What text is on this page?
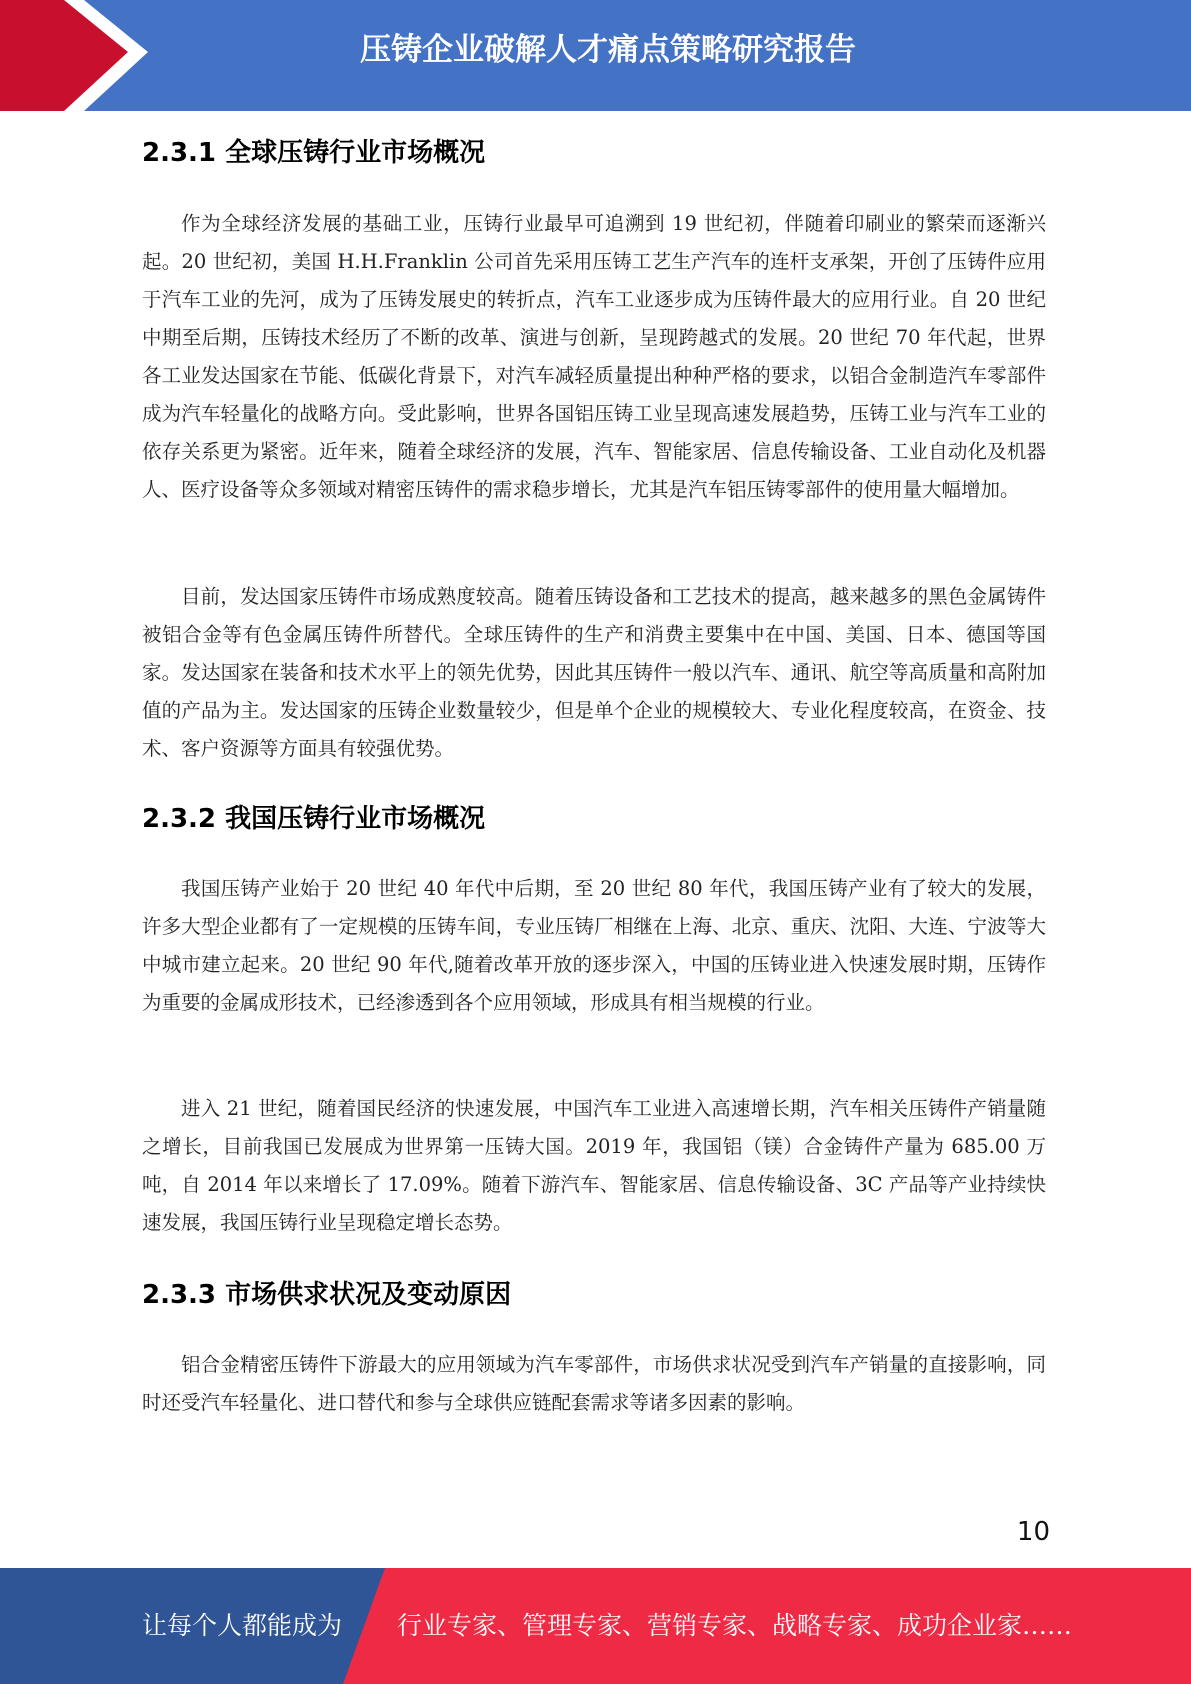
压铸企业破解人才痛点策略研究报告
2.3.1 全球压铸行业市场概况

作为全球经济发展的基础工业，压铸行业最早可追溯到 19 世纪初，伴随着印刷业的繁荣而逐渐兴起。20 世纪初，美国 H.H.Franklin 公司首先采用压铸工艺生产汽车的连杆支承架，开创了压铸件应用于汽车工业的先河，成为了压铸发展史的转折点，汽车工业逐步成为压铸件最大的应用行业。自 20 世纪中期至后期，压铸技术经历了不断的改革、演进与创新，呈现跨越式的发展。20 世纪 70 年代起，世界各工业发达国家在节能、低碳化背景下，对汽车减轻质量提出种种严格的要求，以铝合金制造汽车零部件成为汽车轻量化的战略方向。受此影响，世界各国铝压铸工业呈现高速发展趋势，压铸工业与汽车工业的依存关系更为紧密。近年来，随着全球经济的发展，汽车、智能家居、信息传输设备、工业自动化及机器人、医疗设备等众多领域对精密压铸件的需求稳步增长，尤其是汽车铝压铸零部件的使用量大幅增加。

目前，发达国家压铸件市场成熟度较高。随着压铸设备和工艺技术的提高，越来越多的黑色金属铸件被铝合金等有色金属压铸件所替代。全球压铸件的生产和消费主要集中在中国、美国、日本、德国等国家。发达国家在装备和技术水平上的领先优势，因此其压铸件一般以汽车、通讯、航空等高质量和高附加值的产品为主。发达国家的压铸企业数量较少，但是单个企业的规模较大、专业化程度较高，在资金、技术、客户资源等方面具有较强优势。

2.3.2 我国压铸行业市场概况

我国压铸产业始于 20 世纪 40 年代中后期，至 20 世纪 80 年代，我国压铸产业有了较大的发展，许多大型企业都有了一定规模的压铸车间，专业压铸厂相继在上海、北京、重庆、沈阳、大连、宁波等大中城市建立起来。20 世纪 90 年代,随着改革开放的逐步深入，中国的压铸业进入快速发展时期，压铸作为重要的金属成形技术，已经渗透到各个应用领域，形成具有相当规模的行业。

进入 21 世纪，随着国民经济的快速发展，中国汽车工业进入高速增长期，汽车相关压铸件产销量随之增长，目前我国已发展成为世界第一压铸大国。2019 年，我国铝（镁）合金铸件产量为 685.00 万吨，自 2014 年以来增长了 17.09%。随着下游汽车、智能家居、信息传输设备、3C 产品等产业持续快速发展，我国压铸行业呈现稳定增长态势。

2.3.3 市场供求状况及变动原因

铝合金精密压铸件下游最大的应用领域为汽车零部件，市场供求状况受到汽车产销量的直接影响，同时还受汽车轻量化、进口替代和参与全球供应链配套需求等诸多因素的影响。

10
让每个人都能成为 行业专家、管理专家、营销专家、战略专家、成功企业家……
